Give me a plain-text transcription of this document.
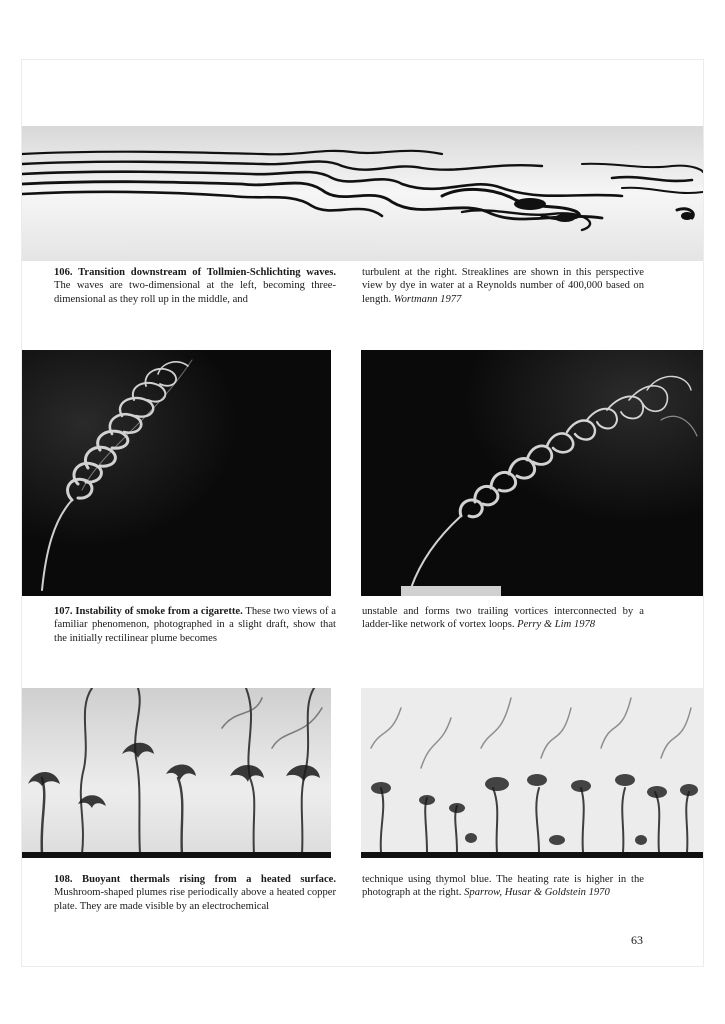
106. Transition downstream of Tollmien-Schlichting waves. The waves are two-dimensional at the left, becoming three-dimensional as they roll up in the middle, and

turbulent at the right. Streaklines are shown in this perspective view by dye in water at a Reynolds number of 400,000 based on length. Wortmann 1977

107. Instability of smoke from a cigarette. These two views of a familiar phenomenon, photographed in a slight draft, show that the initially rectilinear plume becomes

unstable and forms two trailing vortices interconnected by a ladder-like network of vortex loops. Perry & Lim 1978

108. Buoyant thermals rising from a heated surface. Mushroom-shaped plumes rise periodically above a heated copper plate. They are made visible by an electrochemical

technique using thymol blue. The heating rate is higher in the photograph at the right. Sparrow, Husar & Goldstein 1970

63
